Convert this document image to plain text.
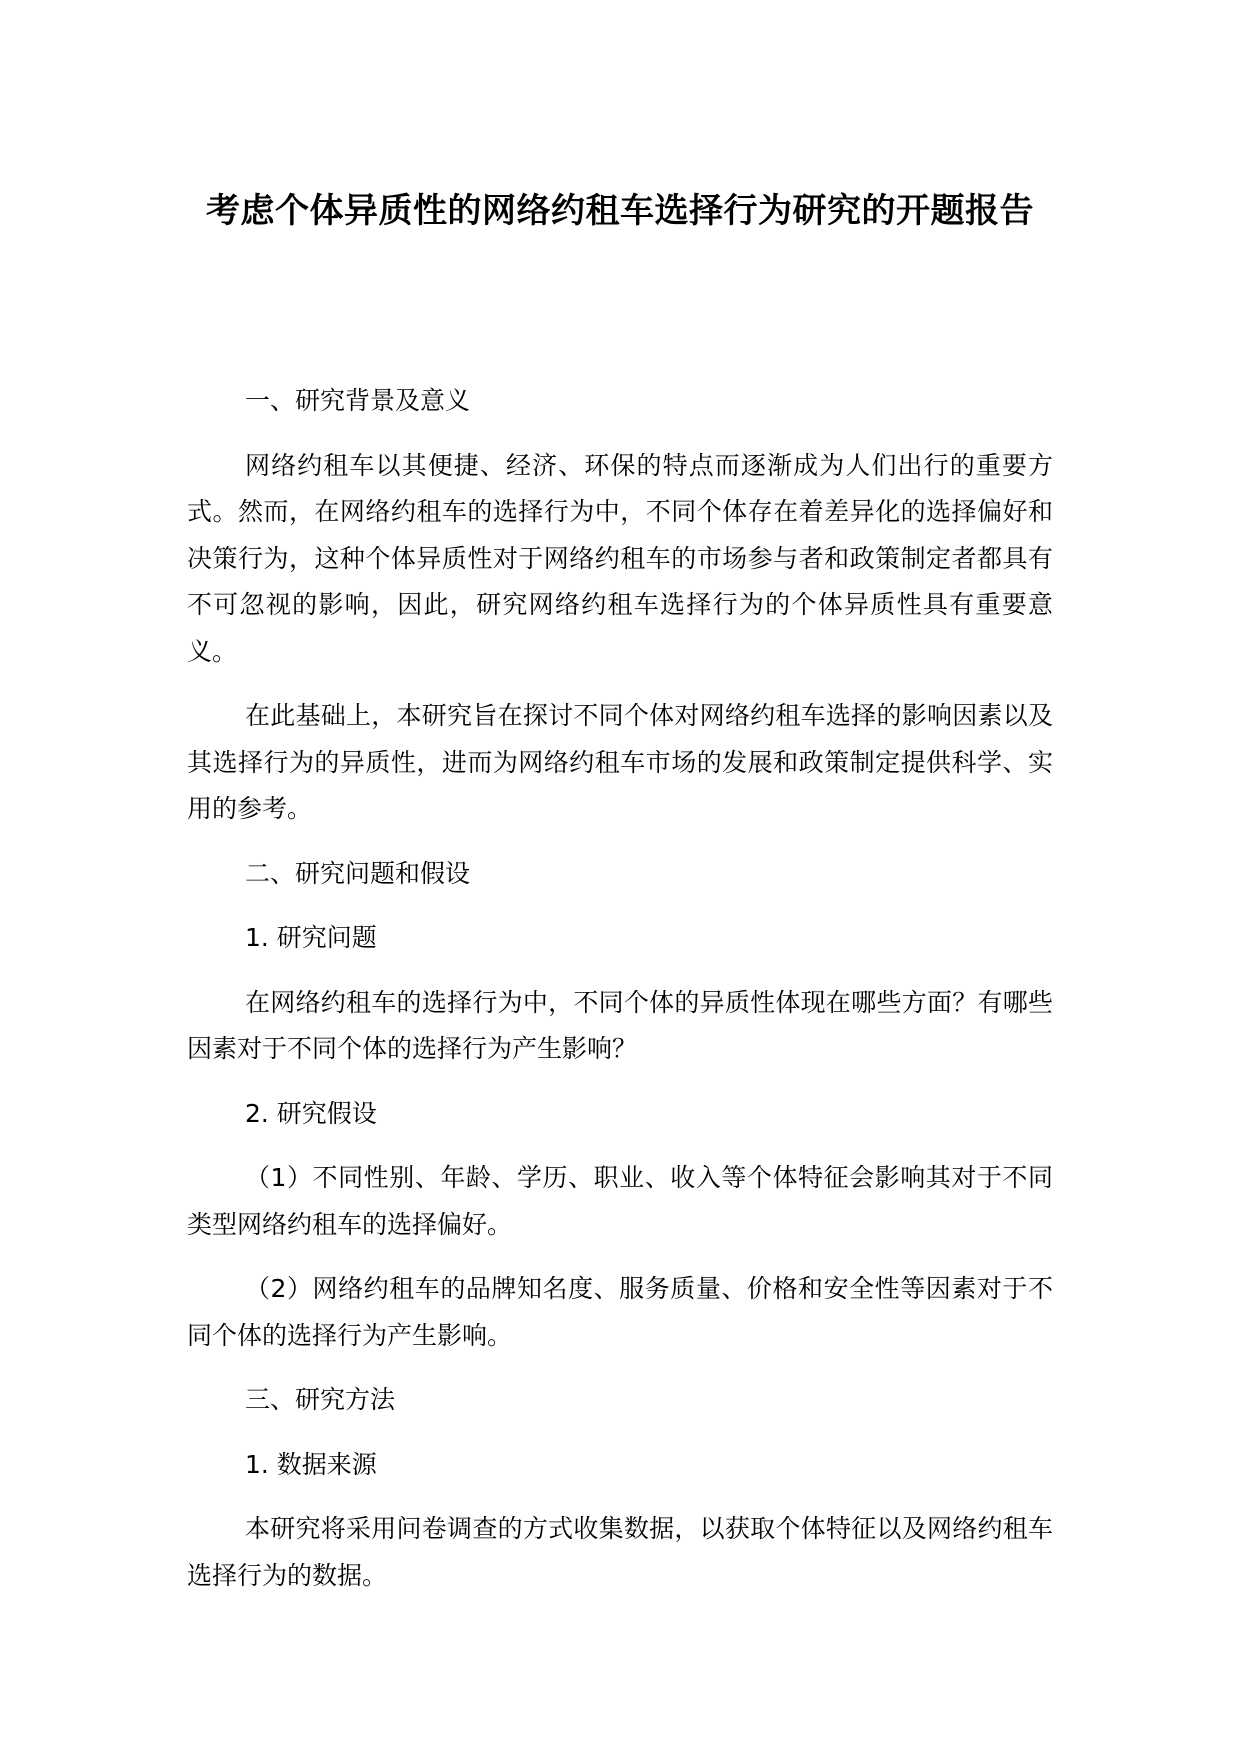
考虑个体异质性的网络约租车选择行为研究的开题报告

一、研究背景及意义

网络约租车以其便捷、经济、环保的特点而逐渐成为人们出行的重要方式。然而，在网络约租车的选择行为中，不同个体存在着差异化的选择偏好和决策行为，这种个体异质性对于网络约租车的市场参与者和政策制定者都具有不可忽视的影响，因此，研究网络约租车选择行为的个体异质性具有重要意义。

在此基础上，本研究旨在探讨不同个体对网络约租车选择的影响因素以及其选择行为的异质性，进而为网络约租车市场的发展和政策制定提供科学、实用的参考。

二、研究问题和假设

1. 研究问题

在网络约租车的选择行为中，不同个体的异质性体现在哪些方面？有哪些因素对于不同个体的选择行为产生影响？

2. 研究假设

（1）不同性别、年龄、学历、职业、收入等个体特征会影响其对于不同类型网络约租车的选择偏好。

（2）网络约租车的品牌知名度、服务质量、价格和安全性等因素对于不同个体的选择行为产生影响。

三、研究方法

1. 数据来源

本研究将采用问卷调查的方式收集数据，以获取个体特征以及网络约租车选择行为的数据。
